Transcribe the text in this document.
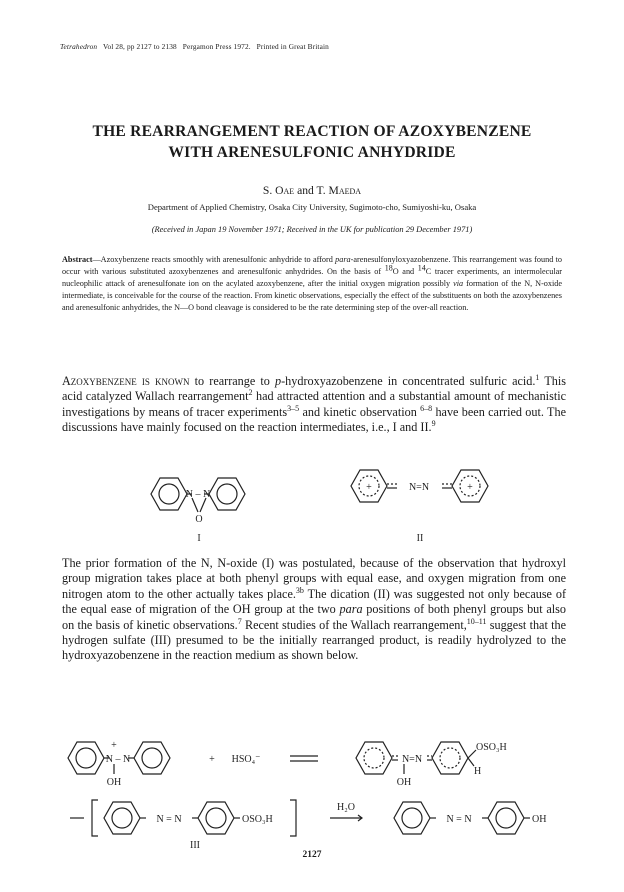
Tetrahedron Vol 28, pp 2127 to 2138 Pergamon Press 1972. Printed in Great Britain
THE REARRANGEMENT REACTION OF AZOXYBENZENE
WITH ARENESULFONIC ANHYDRIDE
S. Oae and T. Maeda
Department of Applied Chemistry, Osaka City University, Sugimoto-cho, Sumiyoshi-ku, Osaka
(Received in Japan 19 November 1971; Received in the UK for publication 29 December 1971)
Abstract—Azoxybenzene reacts smoothly with arenesulfonic anhydride to afford para-arenesulfonyloxyazobenzene. This rearrangement was found to occur with various substituted azoxybenzenes and arenesulfonic anhydrides. On the basis of $^{18}$O and $^{14}$C tracer experiments, an intermolecular nucleophilic attack of arenesulfonate ion on the acylated azoxybenzene, after the initial oxygen migration possibly via formation of the N, N-oxide intermediate, is conceivable for the course of the reaction. From kinetic observations, especially the effect of the substituents on both the azoxybenzenes and arenesulfonic anhydrides, the N—O bond cleavage is considered to be the rate determining step of the over-all reaction.
Azoxybenzene is known to rearrange to p-hydroxyazobenzene in concentrated sulfuric acid.$^1$ This acid catalyzed Wallach rearrangement$^2$ had attracted attention and a substantial amount of mechanistic investigations by means of tracer experiments$^{3-5}$ and kinetic observation $^{6-8}$ have been carried out. The discussions have mainly focused on the reaction intermediates, i.e., I and II.$^9$
N – N
O
I
+	+
N=N
II
The prior formation of the N, N-oxide (I) was postulated, because of the observation that hydroxyl group migration takes place at both phenyl groups with equal ease, and oxygen migration from one nitrogen atom to the other actually takes place.$^{3b}$ The dication (II) was suggested not only because of the equal ease of migration of the OH group at the two para positions of both phenyl groups but also on the basis of kinetic observations.$^7$ Recent studies of the Wallach rearrangement,$^{10-11}$ suggest that the hydrogen sulfate (III) presumed to be the initially rearranged product, is readily hydrolyzed to the hydroxyazobenzene in the reaction medium as shown below.
+
N – N
OH
+ HSO₄⁻	N=N
OH
OSO₃H
H
N = N	OSO₃H
III
H₂O
N = N	OH
2127
